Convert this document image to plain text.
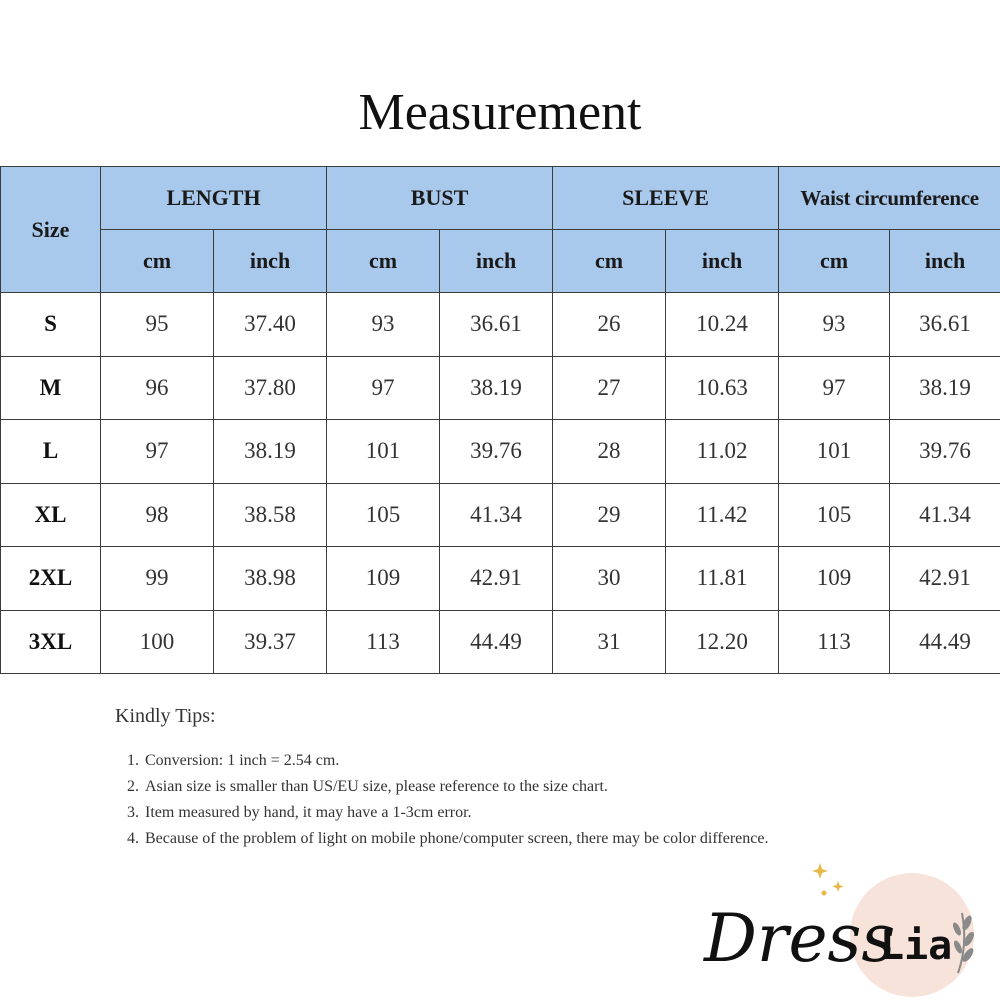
Measurement
Size	LENGTH		BUST		SLEEVE		Waist circumference	
	cm	inch	cm	inch	cm	inch	cm	inch
S	95	37.40	93	36.61	26	10.24	93	36.61
M	96	37.80	97	38.19	27	10.63	97	38.19
L	97	38.19	101	39.76	28	11.02	101	39.76
XL	98	38.58	105	41.34	29	11.42	105	41.34
2XL	99	38.98	109	42.91	30	11.81	109	42.91
3XL	100	39.37	113	44.49	31	12.20	113	44.49
Kindly Tips:
1. Conversion: 1 inch = 2.54 cm.
2. Asian size is smaller than US/EU size, please reference to the size chart.
3. Item measured by hand, it may have a 1-3cm error.
4. Because of the problem of light on mobile phone/computer screen, there may be color difference.
Dress
Lia
